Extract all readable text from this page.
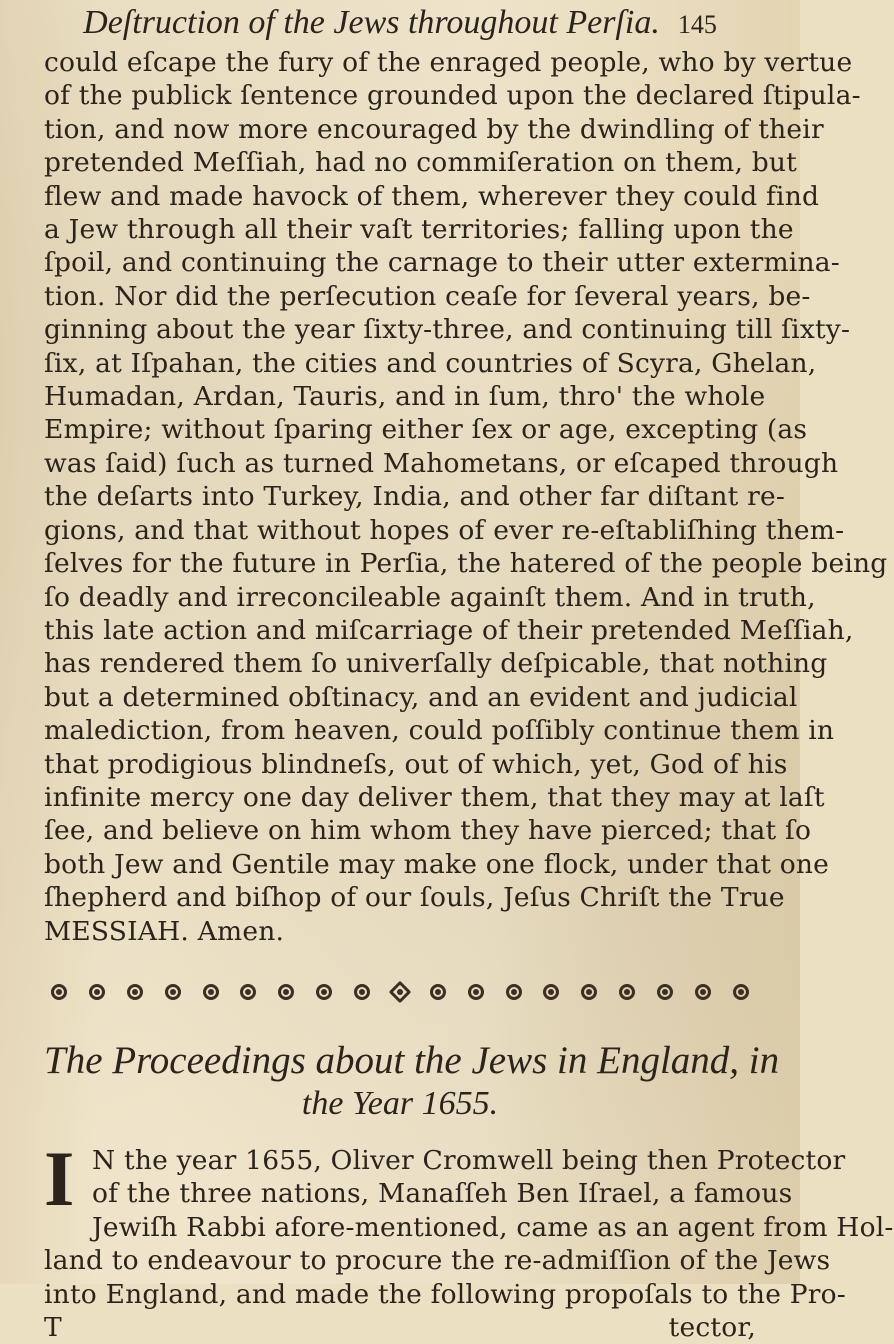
Deſtruction of the Jews throughout Perſia. 145

could eſcape the fury of the enraged people, who by vertue
of the publick ſentence grounded upon the declared ſtipula-
tion, and now more encouraged by the dwindling of their
pretended Meſſiah, had no commiſeration on them, but
flew and made havock of them, wherever they could find
a Jew through all their vaſt territories; falling upon the
ſpoil, and continuing the carnage to their utter extermina-
tion. Nor did the perſecution ceaſe for ſeveral years, be-
ginning about the year ſixty-three, and continuing till ſixty-
ſix, at Iſpahan, the cities and countries of Scyra, Ghelan,
Humadan, Ardan, Tauris, and in ſum, thro' the whole
Empire; without ſparing either ſex or age, excepting (as
was ſaid) ſuch as turned Mahometans, or eſcaped through
the deſarts into Turkey, India, and other far diſtant re-
gions, and that without hopes of ever re-eſtabliſhing them-
ſelves for the future in Perſia, the hatered of the people being
ſo deadly and irreconcileable againſt them. And in truth,
this late action and miſcarriage of their pretended Meſſiah,
has rendered them ſo univerſally deſpicable, that nothing
but a determined obſtinacy, and an evident and judicial
malediction, from heaven, could poſſibly continue them in
that prodigious blindneſs, out of which, yet, God of his
infinite mercy one day deliver them, that they may at laſt
ſee, and believe on him whom they have pierced; that ſo
both Jew and Gentile may make one flock, under that one
ſhepherd and biſhop of our ſouls, Jeſus Chriſt the True
MESSIAH. Amen.

The Proceedings about the Jews in England, in
the Year 1655.
I N the year 1655, Oliver Cromwell being then Protector
of the three nations, Manaſſeh Ben Iſrael, a famous
Jewiſh Rabbi afore-mentioned, came as an agent from Hol-
land to endeavour to procure the re-admiſſion of the Jews
into England, and made the following propoſals to the Pro-
T tector,
